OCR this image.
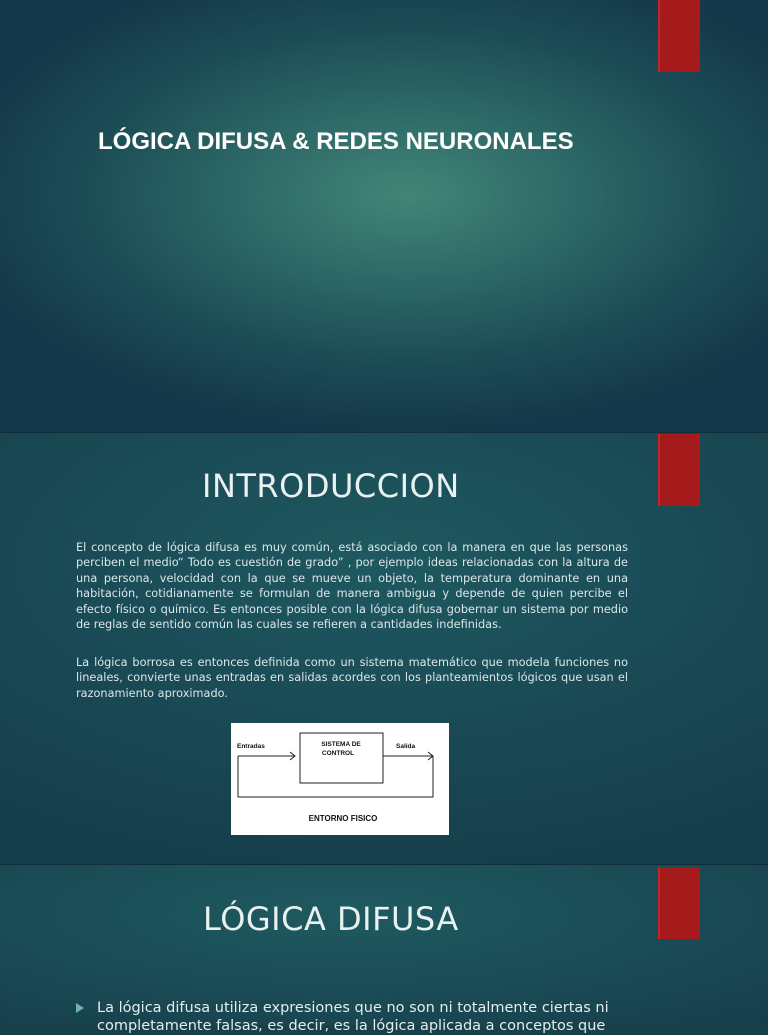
LÓGICA DIFUSA & REDES NEURONALES
INTRODUCCION

El concepto de lógica difusa es muy común, está asociado con la manera en que las personas perciben el medio“ Todo es cuestión de grado” , por ejemplo ideas relacionadas con la altura de una persona, velocidad con la que se mueve un objeto, la temperatura dominante en una habitación, cotidianamente se formulan de manera ambigua y depende de quien percibe el efecto físico o químico. Es entonces posible con la lógica difusa gobernar un sistema por medio de reglas de sentido común las cuales se refieren a cantidades indefinidas.

La lógica borrosa es entonces definida como un sistema matemático que modela funciones no lineales, convierte unas entradas en salidas acordes con los planteamientos lógicos que usan el razonamiento aproximado.

SISTEMA DE
CONTROL
Entradas	Salida
ENTORNO FISICO
LÓGICA DIFUSA

La lógica difusa utiliza expresiones que no son ni totalmente ciertas ni completamente falsas, es decir, es la lógica aplicada a conceptos que
